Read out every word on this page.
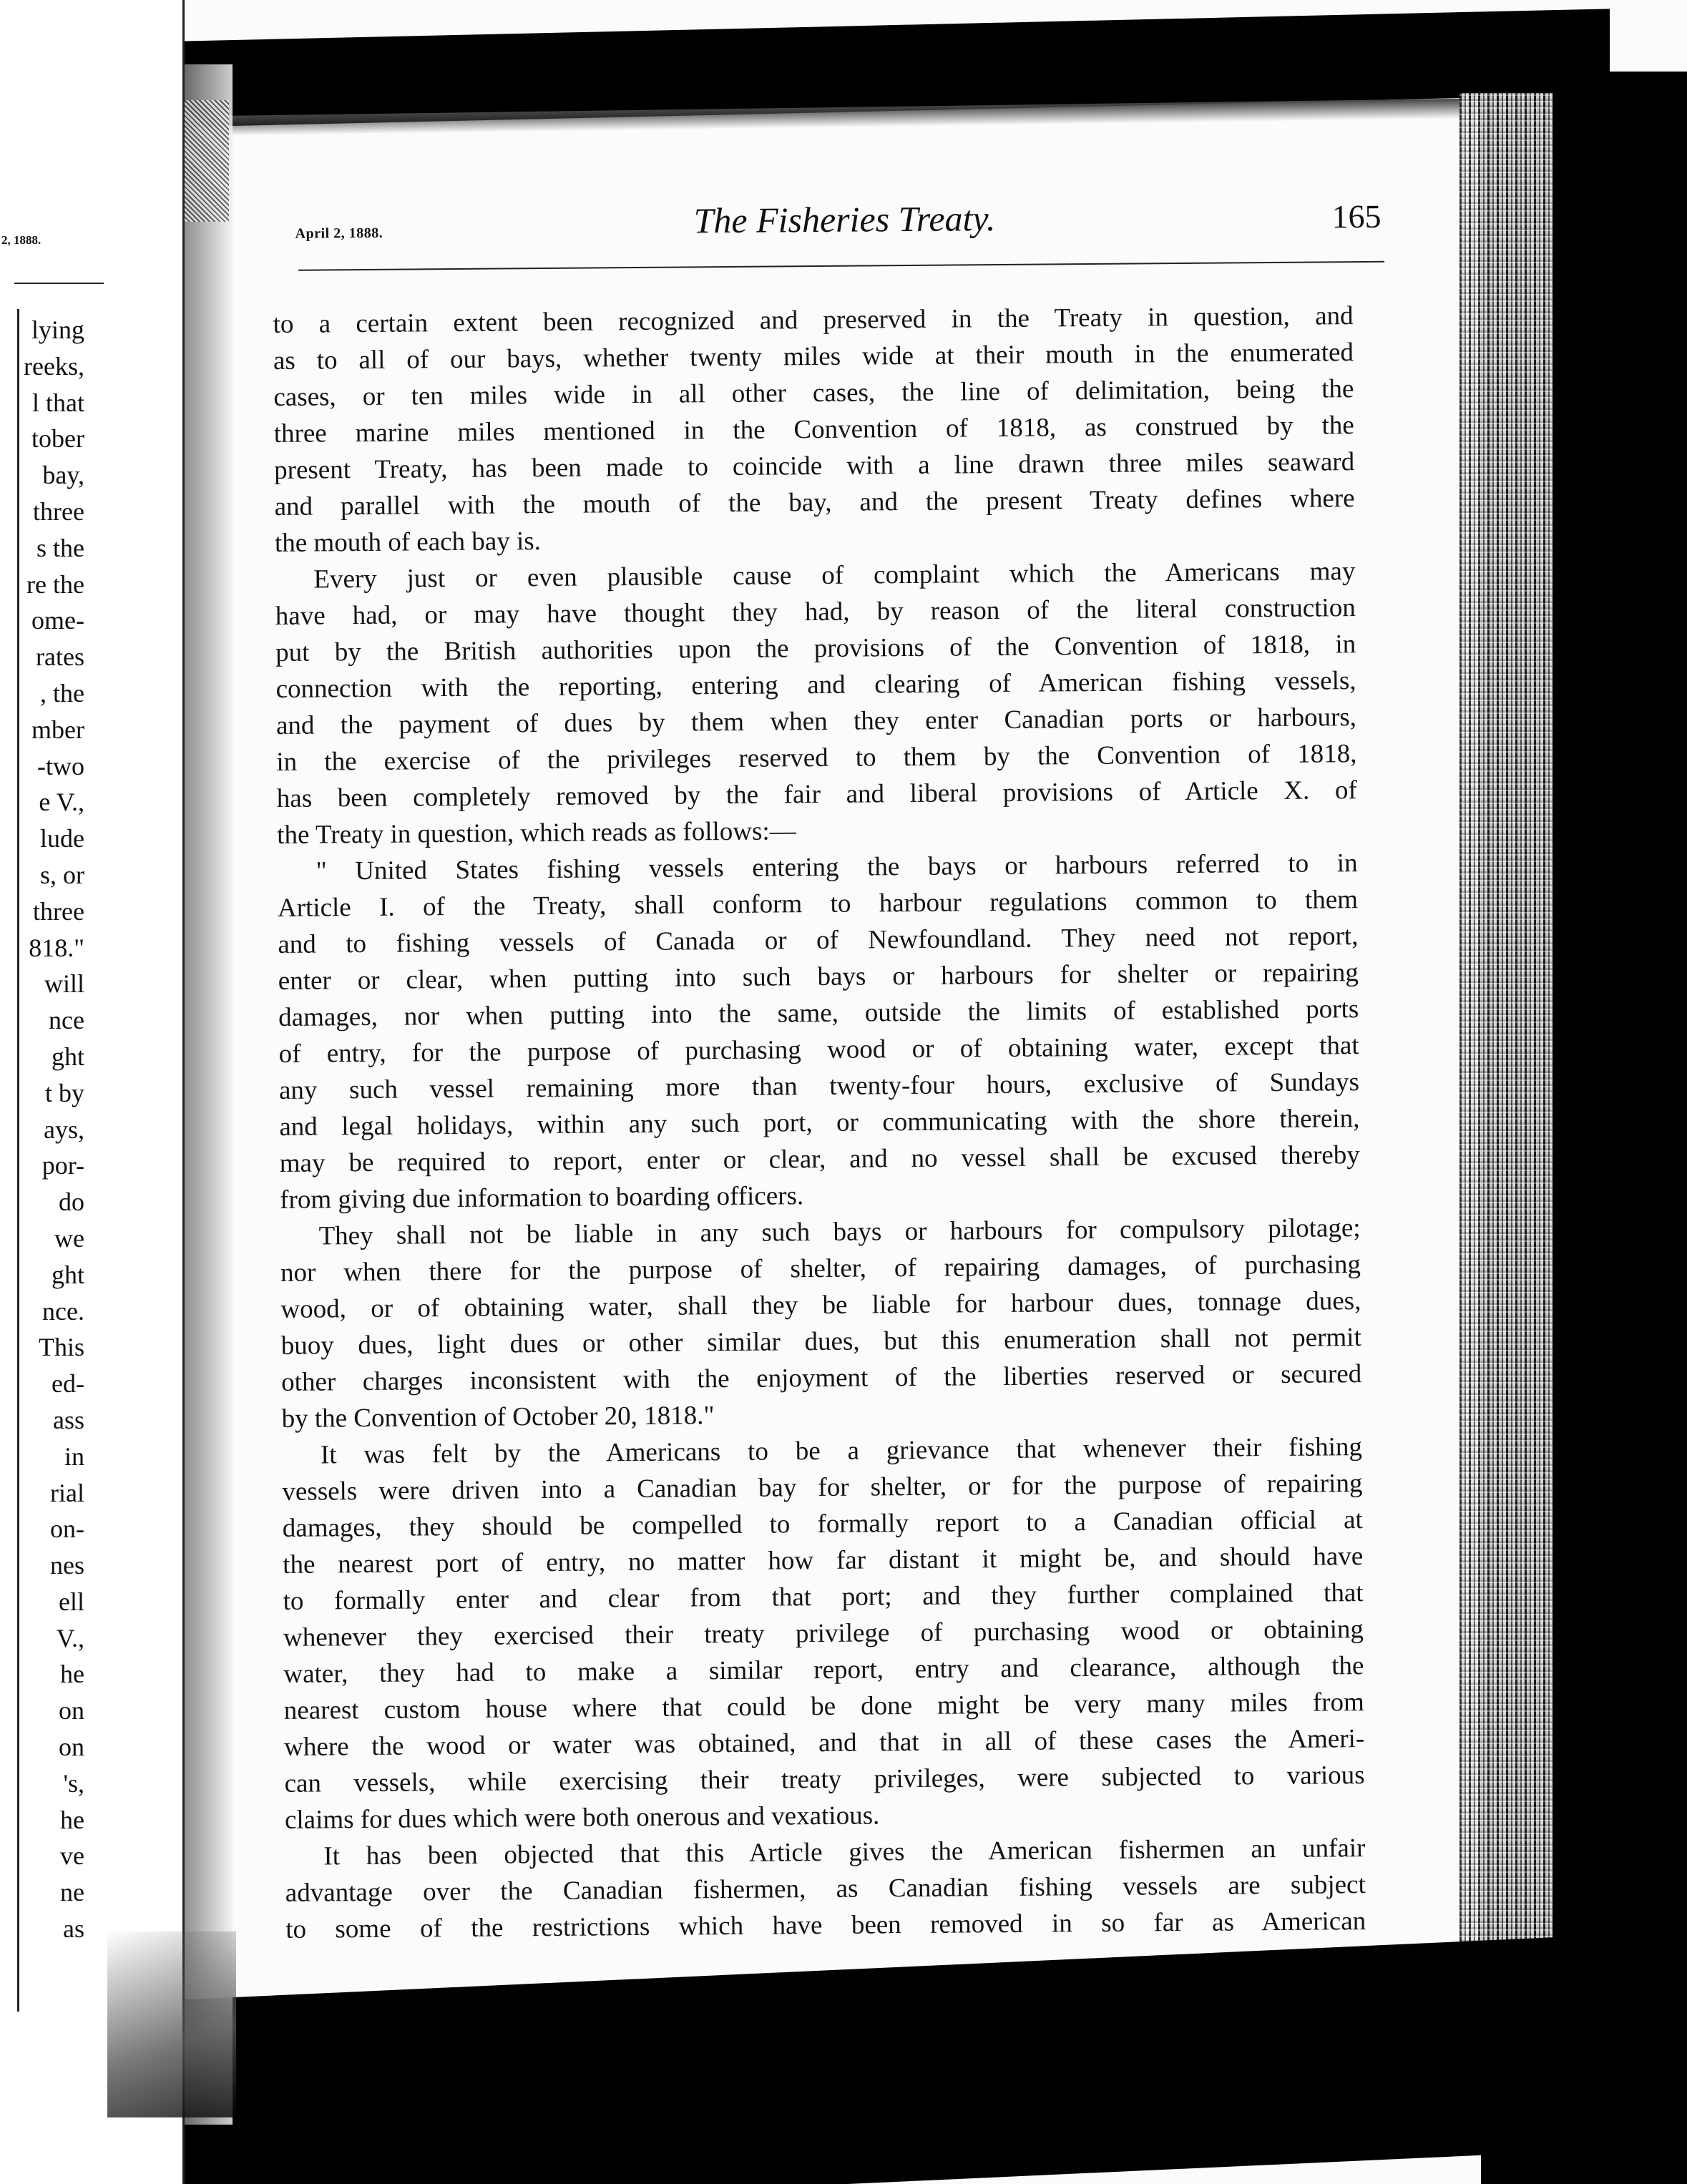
2, 1888.
lying
reeks,
l that
tober
bay,
three
s the
re the
ome-
rates
, the
mber
-two
e V.,
lude
s, or
three
818."
will
nce
ght
t by
ays,
por-
do
we
ght
nce.
This
ed-
ass
in
rial
on-
nes
ell
V.,
he
on
on
's,
he
ve
ne
as
April 2, 1888.	The Fisheries Treaty.	165

to a certain extent been recognized and preserved in the Treaty in question, and
as to all of our bays, whether twenty miles wide at their mouth in the enumerated
cases, or ten miles wide in all other cases, the line of delimitation, being the
three marine miles mentioned in the Convention of 1818, as construed by the
present Treaty, has been made to coincide with a line drawn three miles seaward
and parallel with the mouth of the bay, and the present Treaty defines where
the mouth of each bay is.

Every just or even plausible cause of complaint which the Americans may
have had, or may have thought they had, by reason of the literal construction
put by the British authorities upon the provisions of the Convention of 1818, in
connection with the reporting, entering and clearing of American fishing vessels,
and the payment of dues by them when they enter Canadian ports or harbours,
in the exercise of the privileges reserved to them by the Convention of 1818,
has been completely removed by the fair and liberal provisions of Article X. of
the Treaty in question, which reads as follows:—

" United States fishing vessels entering the bays or harbours referred to in
Article I. of the Treaty, shall conform to harbour regulations common to them
and to fishing vessels of Canada or of Newfoundland. They need not report,
enter or clear, when putting into such bays or harbours for shelter or repairing
damages, nor when putting into the same, outside the limits of established ports
of entry, for the purpose of purchasing wood or of obtaining water, except that
any such vessel remaining more than twenty-four hours, exclusive of Sundays
and legal holidays, within any such port, or communicating with the shore therein,
may be required to report, enter or clear, and no vessel shall be excused thereby
from giving due information to boarding officers.

They shall not be liable in any such bays or harbours for compulsory pilotage;
nor when there for the purpose of shelter, of repairing damages, of purchasing
wood, or of obtaining water, shall they be liable for harbour dues, tonnage dues,
buoy dues, light dues or other similar dues, but this enumeration shall not permit
other charges inconsistent with the enjoyment of the liberties reserved or secured
by the Convention of October 20, 1818."

It was felt by the Americans to be a grievance that whenever their fishing
vessels were driven into a Canadian bay for shelter, or for the purpose of repairing
damages, they should be compelled to formally report to a Canadian official at
the nearest port of entry, no matter how far distant it might be, and should have
to formally enter and clear from that port; and they further complained that
whenever they exercised their treaty privilege of purchasing wood or obtaining
water, they had to make a similar report, entry and clearance, although the
nearest custom house where that could be done might be very many miles from
where the wood or water was obtained, and that in all of these cases the Ameri-
can vessels, while exercising their treaty privileges, were subjected to various
claims for dues which were both onerous and vexatious.

It has been objected that this Article gives the American fishermen an unfair
advantage over the Canadian fishermen, as Canadian fishing vessels are subject
to some of the restrictions which have been removed in so far as American
